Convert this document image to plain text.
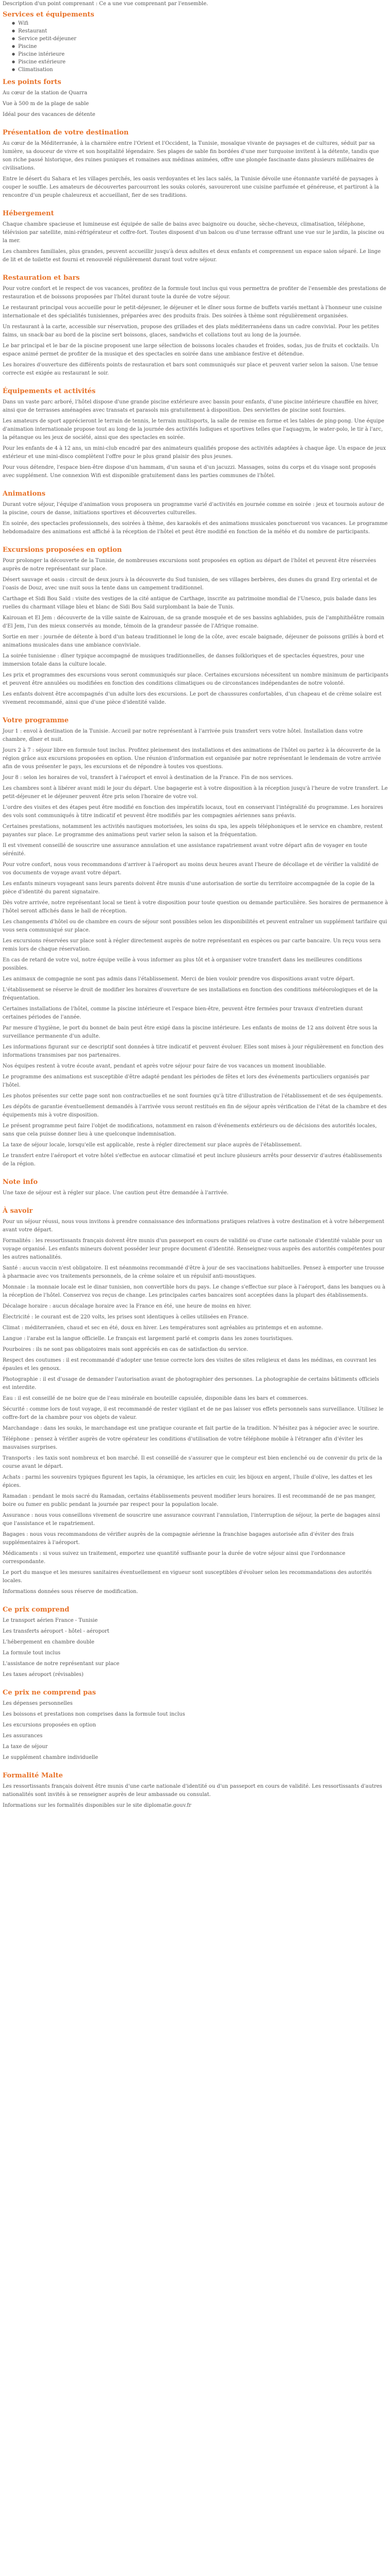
Description d'un point comprenant : Ce a une vue comprenant par l'ensemble.

Services et équipements
● Wifi
● Restaurant
● Service petit-déjeuner
● Piscine
● Piscine intérieure
● Piscine extérieure
● Climatisation
Les points forts

Au cœur de la station de Quarra

Vue à 500 m de la plage de sable

Idéal pour des vacances de détente

Présentation de votre destination

Au cœur de la Méditerranée, à la charnière entre l'Orient et l'Occident, la Tunisie, mosaïque vivante de paysages et de cultures, séduit par sa lumière, sa douceur de vivre et son hospitalité légendaire. Ses plages de sable fin bordées d'une mer turquoise invitent à la détente, tandis que son riche passé historique, des ruines puniques et romaines aux médinas animées, offre une plongée fascinante dans plusieurs millénaires de civilisations.

Entre le désert du Sahara et les villages perchés, les oasis verdoyantes et les lacs salés, la Tunisie dévoile une étonnante variété de paysages à couper le souffle. Les amateurs de découvertes parcourront les souks colorés, savoureront une cuisine parfumée et généreuse, et partiront à la rencontre d'un peuple chaleureux et accueillant, fier de ses traditions.

Hébergement

Chaque chambre spacieuse et lumineuse est équipée de salle de bains avec baignoire ou douche, sèche-cheveux, climatisation, téléphone, télévision par satellite, mini-réfrigérateur et coffre-fort. Toutes disposent d'un balcon ou d'une terrasse offrant une vue sur le jardin, la piscine ou la mer.

Les chambres familiales, plus grandes, peuvent accueillir jusqu'à deux adultes et deux enfants et comprennent un espace salon séparé. Le linge de lit et de toilette est fourni et renouvelé régulièrement durant tout votre séjour.

Restauration et bars

Pour votre confort et le respect de vos vacances, profitez de la formule tout inclus qui vous permettra de profiter de l'ensemble des prestations de restauration et de boissons proposées par l'hôtel durant toute la durée de votre séjour.

Le restaurant principal vous accueille pour le petit-déjeuner, le déjeuner et le dîner sous forme de buffets variés mettant à l'honneur une cuisine internationale et des spécialités tunisiennes, préparées avec des produits frais. Des soirées à thème sont régulièrement organisées.

Un restaurant à la carte, accessible sur réservation, propose des grillades et des plats méditerranéens dans un cadre convivial. Pour les petites faims, un snack-bar au bord de la piscine sert boissons, glaces, sandwichs et collations tout au long de la journée.

Le bar principal et le bar de la piscine proposent une large sélection de boissons locales chaudes et froides, sodas, jus de fruits et cocktails. Un espace animé permet de profiter de la musique et des spectacles en soirée dans une ambiance festive et détendue.

Les horaires d'ouverture des différents points de restauration et bars sont communiqués sur place et peuvent varier selon la saison. Une tenue correcte est exigée au restaurant le soir.

Équipements et activités

Dans un vaste parc arboré, l'hôtel dispose d'une grande piscine extérieure avec bassin pour enfants, d'une piscine intérieure chauffée en hiver, ainsi que de terrasses aménagées avec transats et parasols mis gratuitement à disposition. Des serviettes de piscine sont fournies.

Les amateurs de sport apprécieront le terrain de tennis, le terrain multisports, la salle de remise en forme et les tables de ping-pong. Une équipe d'animation internationale propose tout au long de la journée des activités ludiques et sportives telles que l'aquagym, le water-polo, le tir à l'arc, la pétanque ou les jeux de société, ainsi que des spectacles en soirée.

Pour les enfants de 4 à 12 ans, un mini-club encadré par des animateurs qualifiés propose des activités adaptées à chaque âge. Un espace de jeux extérieur et une mini-disco complètent l'offre pour le plus grand plaisir des plus jeunes.

Pour vous détendre, l'espace bien-être dispose d'un hammam, d'un sauna et d'un jacuzzi. Massages, soins du corps et du visage sont proposés avec supplément. Une connexion Wifi est disponible gratuitement dans les parties communes de l'hôtel.

Animations

Durant votre séjour, l'équipe d'animation vous proposera un programme varié d'activités en journée comme en soirée : jeux et tournois autour de la piscine, cours de danse, initiations sportives et découvertes culturelles.

En soirée, des spectacles professionnels, des soirées à thème, des karaokés et des animations musicales ponctueront vos vacances. Le programme hebdomadaire des animations est affiché à la réception de l'hôtel et peut être modifié en fonction de la météo et du nombre de participants.

Excursions proposées en option

Pour prolonger la découverte de la Tunisie, de nombreuses excursions sont proposées en option au départ de l'hôtel et peuvent être réservées auprès de notre représentant sur place.

Désert sauvage et oasis : circuit de deux jours à la découverte du Sud tunisien, de ses villages berbères, des dunes du grand Erg oriental et de l'oasis de Douz, avec une nuit sous la tente dans un campement traditionnel.

Carthage et Sidi Bou Saïd : visite des vestiges de la cité antique de Carthage, inscrite au patrimoine mondial de l'Unesco, puis balade dans les ruelles du charmant village bleu et blanc de Sidi Bou Saïd surplombant la baie de Tunis.

Kairouan et El Jem : découverte de la ville sainte de Kairouan, de sa grande mosquée et de ses bassins aghlabides, puis de l'amphithéâtre romain d'El Jem, l'un des mieux conservés au monde, témoin de la grandeur passée de l'Afrique romaine.

Sortie en mer : journée de détente à bord d'un bateau traditionnel le long de la côte, avec escale baignade, déjeuner de poissons grillés à bord et animations musicales dans une ambiance conviviale.

La soirée tunisienne : dîner typique accompagné de musiques traditionnelles, de danses folkloriques et de spectacles équestres, pour une immersion totale dans la culture locale.

Les prix et programmes des excursions vous seront communiqués sur place. Certaines excursions nécessitent un nombre minimum de participants et peuvent être annulées ou modifiées en fonction des conditions climatiques ou de circonstances indépendantes de notre volonté.

Les enfants doivent être accompagnés d'un adulte lors des excursions. Le port de chaussures confortables, d'un chapeau et de crème solaire est vivement recommandé, ainsi que d'une pièce d'identité valide.

Votre programme

Jour 1 : envol à destination de la Tunisie. Accueil par notre représentant à l'arrivée puis transfert vers votre hôtel. Installation dans votre chambre, dîner et nuit.

Jours 2 à 7 : séjour libre en formule tout inclus. Profitez pleinement des installations et des animations de l'hôtel ou partez à la découverte de la région grâce aux excursions proposées en option. Une réunion d'information est organisée par notre représentant le lendemain de votre arrivée afin de vous présenter le pays, les excursions et de répondre à toutes vos questions.

Jour 8 : selon les horaires de vol, transfert à l'aéroport et envol à destination de la France. Fin de nos services.

Les chambres sont à libérer avant midi le jour du départ. Une bagagerie est à votre disposition à la réception jusqu'à l'heure de votre transfert. Le petit-déjeuner et le déjeuner peuvent être pris selon l'horaire de votre vol.

L'ordre des visites et des étapes peut être modifié en fonction des impératifs locaux, tout en conservant l'intégralité du programme. Les horaires des vols sont communiqués à titre indicatif et peuvent être modifiés par les compagnies aériennes sans préavis.

Certaines prestations, notamment les activités nautiques motorisées, les soins du spa, les appels téléphoniques et le service en chambre, restent payantes sur place. Le programme des animations peut varier selon la saison et la fréquentation.

Il est vivement conseillé de souscrire une assurance annulation et une assistance rapatriement avant votre départ afin de voyager en toute sérénité.

Pour votre confort, nous vous recommandons d'arriver à l'aéroport au moins deux heures avant l'heure de décollage et de vérifier la validité de vos documents de voyage avant votre départ.

Les enfants mineurs voyageant sans leurs parents doivent être munis d'une autorisation de sortie du territoire accompagnée de la copie de la pièce d'identité du parent signataire.

Dès votre arrivée, notre représentant local se tient à votre disposition pour toute question ou demande particulière. Ses horaires de permanence à l'hôtel seront affichés dans le hall de réception.

Les changements d'hôtel ou de chambre en cours de séjour sont possibles selon les disponibilités et peuvent entraîner un supplément tarifaire qui vous sera communiqué sur place.

Les excursions réservées sur place sont à régler directement auprès de notre représentant en espèces ou par carte bancaire. Un reçu vous sera remis lors de chaque réservation.

En cas de retard de votre vol, notre équipe veille à vous informer au plus tôt et à organiser votre transfert dans les meilleures conditions possibles.

Les animaux de compagnie ne sont pas admis dans l'établissement. Merci de bien vouloir prendre vos dispositions avant votre départ.

L'établissement se réserve le droit de modifier les horaires d'ouverture de ses installations en fonction des conditions météorologiques et de la fréquentation.

Certaines installations de l'hôtel, comme la piscine intérieure et l'espace bien-être, peuvent être fermées pour travaux d'entretien durant certaines périodes de l'année.

Par mesure d'hygiène, le port du bonnet de bain peut être exigé dans la piscine intérieure. Les enfants de moins de 12 ans doivent être sous la surveillance permanente d'un adulte.

Les informations figurant sur ce descriptif sont données à titre indicatif et peuvent évoluer. Elles sont mises à jour régulièrement en fonction des informations transmises par nos partenaires.

Nos équipes restent à votre écoute avant, pendant et après votre séjour pour faire de vos vacances un moment inoubliable.

Le programme des animations est susceptible d'être adapté pendant les périodes de fêtes et lors des événements particuliers organisés par l'hôtel.

Les photos présentes sur cette page sont non contractuelles et ne sont fournies qu'à titre d'illustration de l'établissement et de ses équipements.

Les dépôts de garantie éventuellement demandés à l'arrivée vous seront restitués en fin de séjour après vérification de l'état de la chambre et des équipements mis à votre disposition.

Le présent programme peut faire l'objet de modifications, notamment en raison d'événements extérieurs ou de décisions des autorités locales, sans que cela puisse donner lieu à une quelconque indemnisation.

La taxe de séjour locale, lorsqu'elle est applicable, reste à régler directement sur place auprès de l'établissement.

Le transfert entre l'aéroport et votre hôtel s'effectue en autocar climatisé et peut inclure plusieurs arrêts pour desservir d'autres établissements de la région.

Note info

Une taxe de séjour est à régler sur place. Une caution peut être demandée à l'arrivée.

À savoir

Pour un séjour réussi, nous vous invitons à prendre connaissance des informations pratiques relatives à votre destination et à votre hébergement avant votre départ.

Formalités : les ressortissants français doivent être munis d'un passeport en cours de validité ou d'une carte nationale d'identité valable pour un voyage organisé. Les enfants mineurs doivent posséder leur propre document d'identité. Renseignez-vous auprès des autorités compétentes pour les autres nationalités.

Santé : aucun vaccin n'est obligatoire. Il est néanmoins recommandé d'être à jour de ses vaccinations habituelles. Pensez à emporter une trousse à pharmacie avec vos traitements personnels, de la crème solaire et un répulsif anti-moustiques.

Monnaie : la monnaie locale est le dinar tunisien, non convertible hors du pays. Le change s'effectue sur place à l'aéroport, dans les banques ou à la réception de l'hôtel. Conservez vos reçus de change. Les principales cartes bancaires sont acceptées dans la plupart des établissements.

Décalage horaire : aucun décalage horaire avec la France en été, une heure de moins en hiver.

Électricité : le courant est de 220 volts, les prises sont identiques à celles utilisées en France.

Climat : méditerranéen, chaud et sec en été, doux en hiver. Les températures sont agréables au printemps et en automne.

Langue : l'arabe est la langue officielle. Le français est largement parlé et compris dans les zones touristiques.

Pourboires : ils ne sont pas obligatoires mais sont appréciés en cas de satisfaction du service.

Respect des coutumes : il est recommandé d'adopter une tenue correcte lors des visites de sites religieux et dans les médinas, en couvrant les épaules et les genoux.

Photographie : il est d'usage de demander l'autorisation avant de photographier des personnes. La photographie de certains bâtiments officiels est interdite.

Eau : il est conseillé de ne boire que de l'eau minérale en bouteille capsulée, disponible dans les bars et commerces.

Sécurité : comme lors de tout voyage, il est recommandé de rester vigilant et de ne pas laisser vos effets personnels sans surveillance. Utilisez le coffre-fort de la chambre pour vos objets de valeur.

Marchandage : dans les souks, le marchandage est une pratique courante et fait partie de la tradition. N'hésitez pas à négocier avec le sourire.

Téléphone : pensez à vérifier auprès de votre opérateur les conditions d'utilisation de votre téléphone mobile à l'étranger afin d'éviter les mauvaises surprises.

Transports : les taxis sont nombreux et bon marché. Il est conseillé de s'assurer que le compteur est bien enclenché ou de convenir du prix de la course avant le départ.

Achats : parmi les souvenirs typiques figurent les tapis, la céramique, les articles en cuir, les bijoux en argent, l'huile d'olive, les dattes et les épices.

Ramadan : pendant le mois sacré du Ramadan, certains établissements peuvent modifier leurs horaires. Il est recommandé de ne pas manger, boire ou fumer en public pendant la journée par respect pour la population locale.

Assurance : nous vous conseillons vivement de souscrire une assurance couvrant l'annulation, l'interruption de séjour, la perte de bagages ainsi que l'assistance et le rapatriement.

Bagages : nous vous recommandons de vérifier auprès de la compagnie aérienne la franchise bagages autorisée afin d'éviter des frais supplémentaires à l'aéroport.

Médicaments : si vous suivez un traitement, emportez une quantité suffisante pour la durée de votre séjour ainsi que l'ordonnance correspondante.

Le port du masque et les mesures sanitaires éventuellement en vigueur sont susceptibles d'évoluer selon les recommandations des autorités locales.

Informations données sous réserve de modification.

Ce prix comprend

Le transport aérien France - Tunisie

Les transferts aéroport - hôtel - aéroport

L'hébergement en chambre double

La formule tout inclus

L'assistance de notre représentant sur place

Les taxes aéroport (révisables)

Ce prix ne comprend pas

Les dépenses personnelles

Les boissons et prestations non comprises dans la formule tout inclus

Les excursions proposées en option

Les assurances

La taxe de séjour

Le supplément chambre individuelle

Formalité Malte

Les ressortissants français doivent être munis d'une carte nationale d'identité ou d'un passeport en cours de validité. Les ressortissants d'autres nationalités sont invités à se renseigner auprès de leur ambassade ou consulat.

Informations sur les formalités disponibles sur le site diplomatie.gouv.fr
